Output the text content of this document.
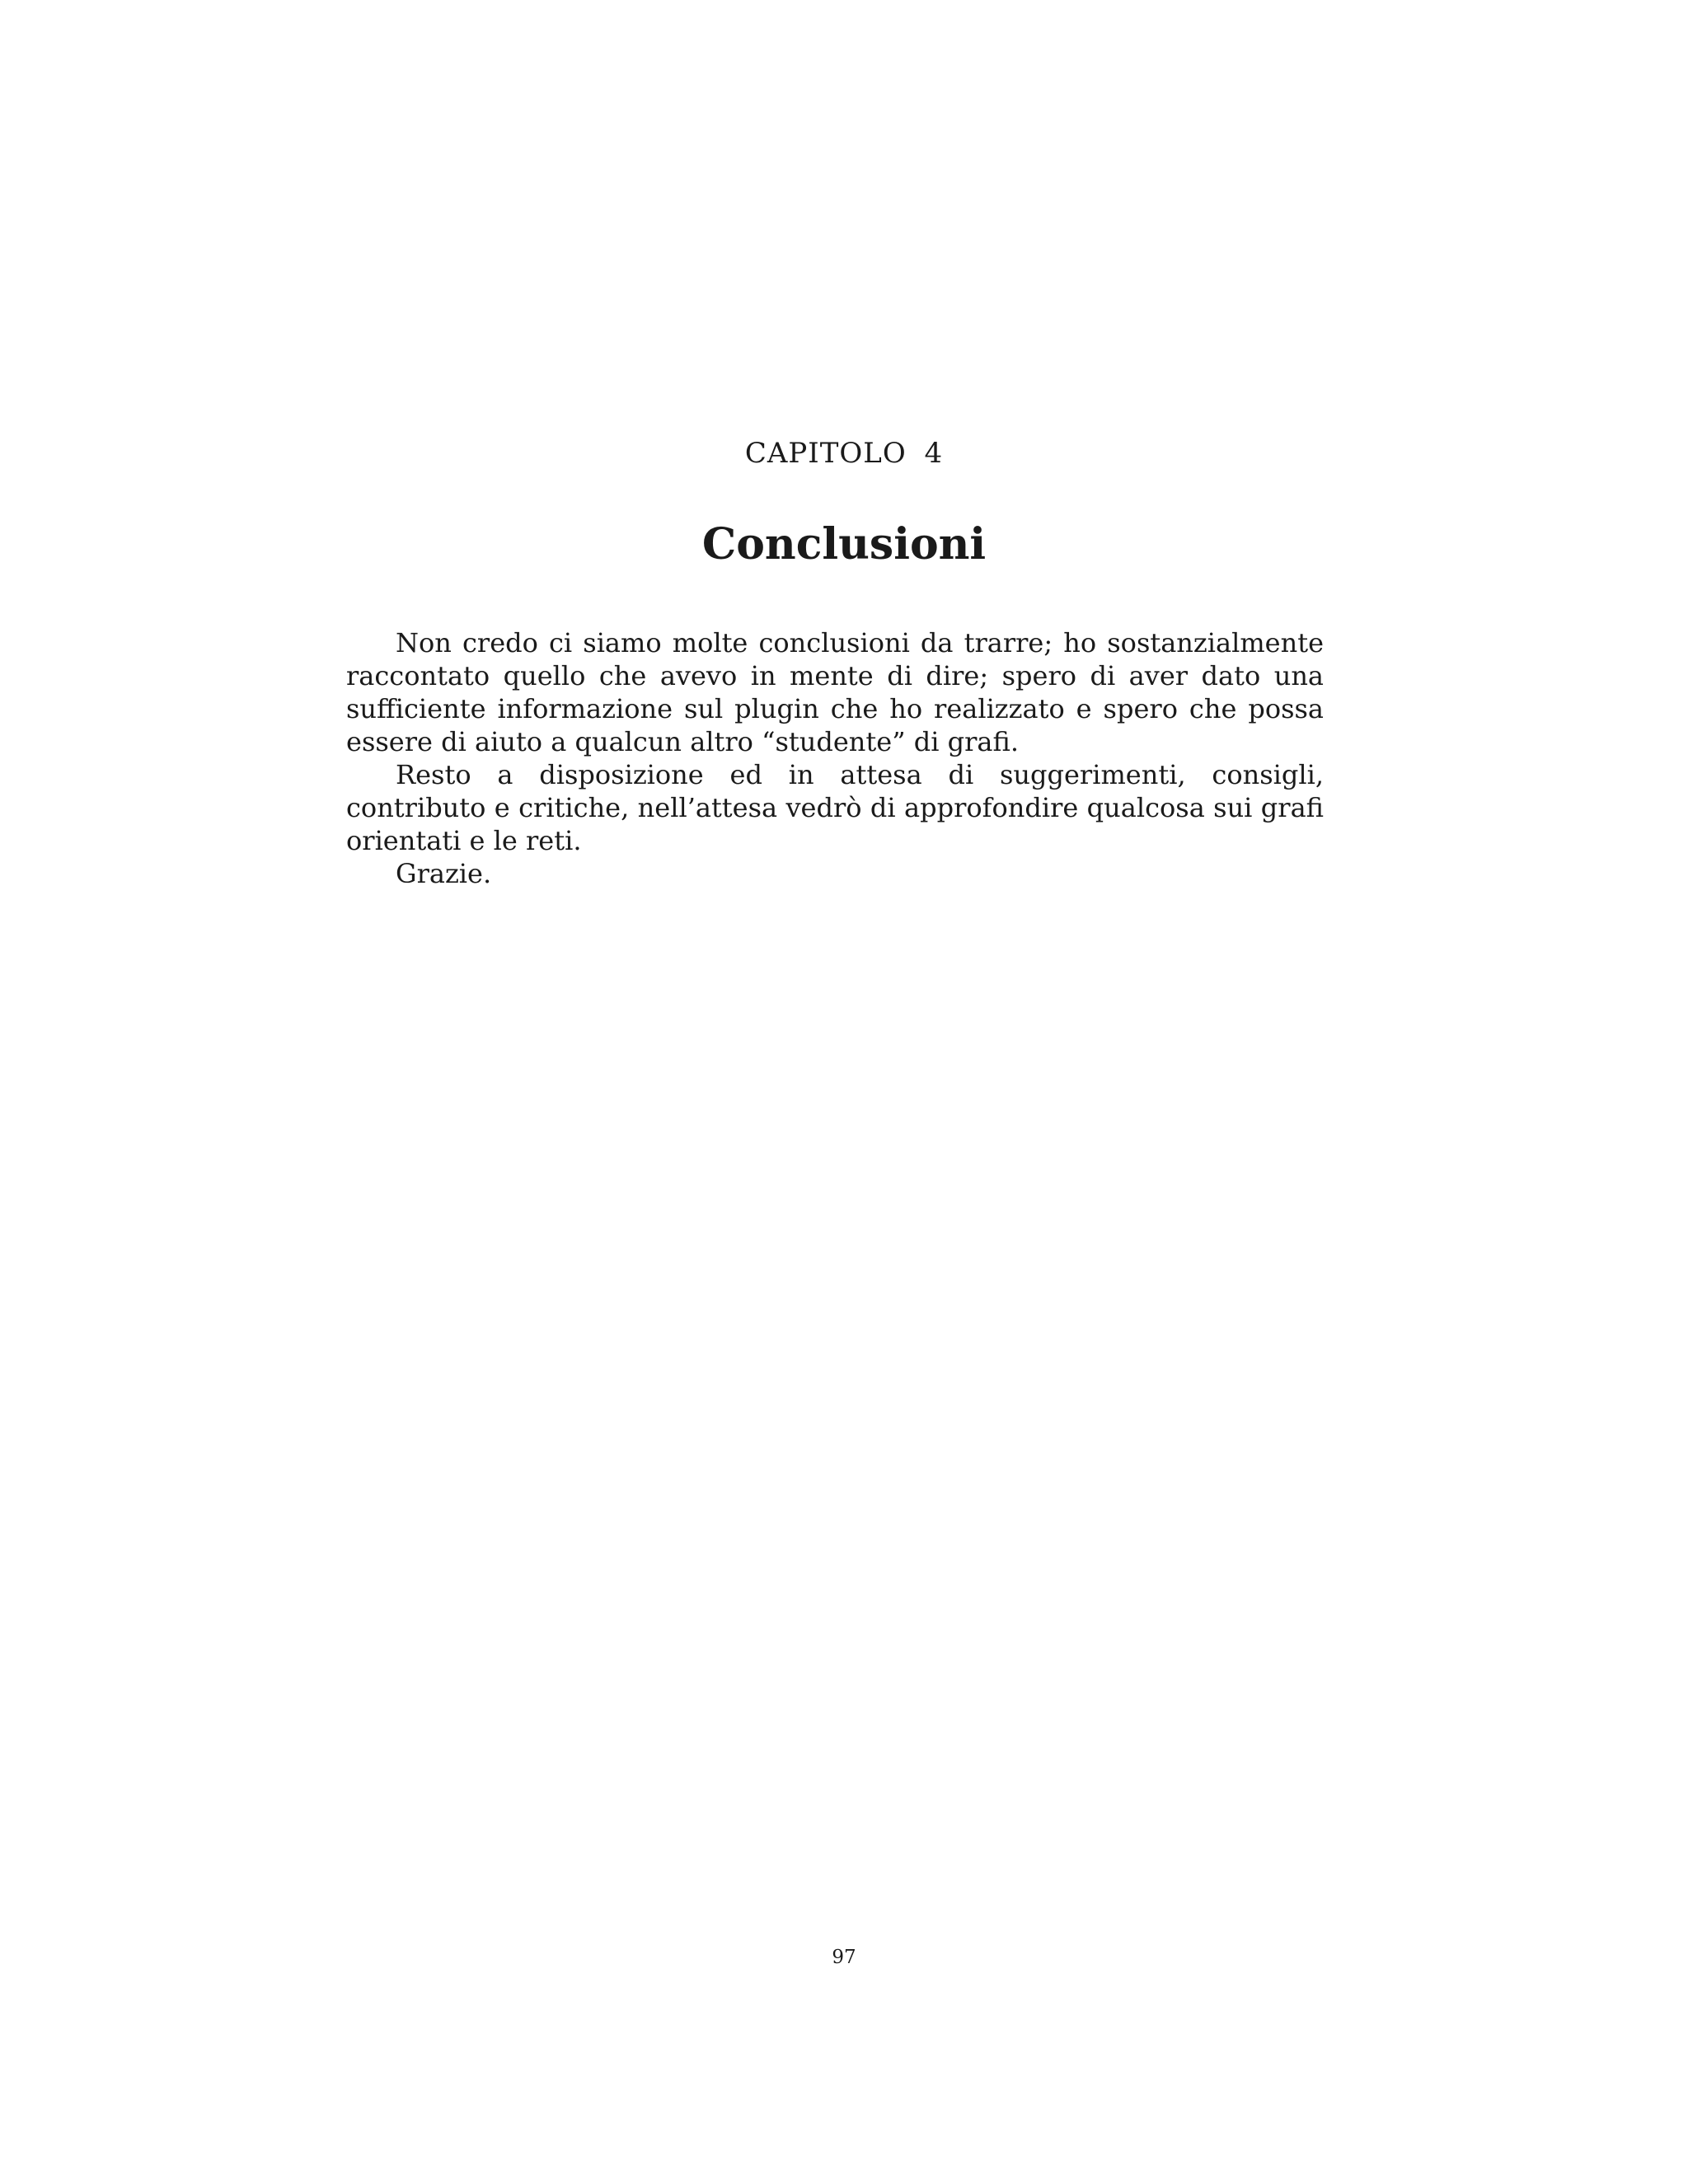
CAPITOLO 4
Conclusioni

Non credo ci siamo molte conclusioni da trarre; ho sostanzialmente raccontato quello che avevo in mente di dire; spero di aver dato una sufficiente informazione sul plugin che ho realizzato e spero che possa essere di aiuto a qualcun altro “studente” di grafi.

Resto a disposizione ed in attesa di suggerimenti, consigli, contributo e critiche, nell’attesa vedrò di approfondire qualcosa sui grafi orientati e le reti.

Grazie.

97
